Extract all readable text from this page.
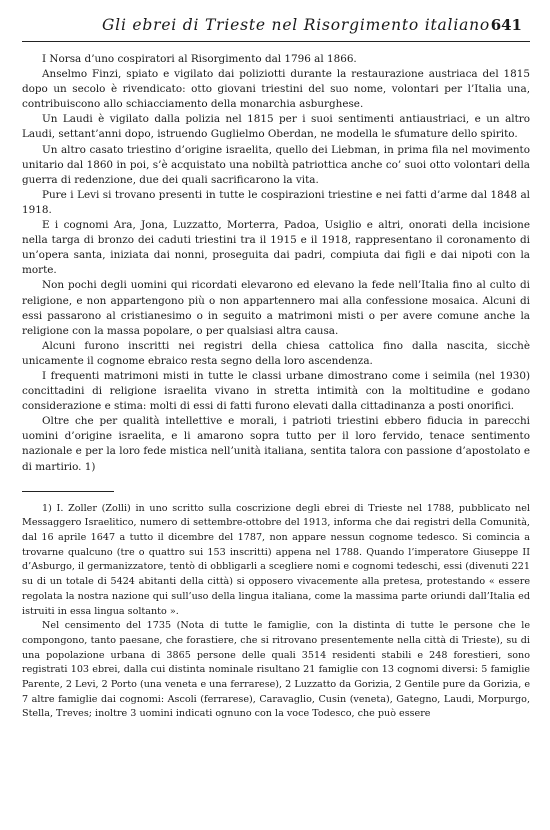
Gli ebrei di Trieste nel Risorgimento italiano 641

I Norsa d’uno cospiratori al Risorgimento dal 1796 al 1866.

Anselmo Finzi, spiato e vigilato dai poliziotti durante la restaurazione austriaca del 1815 dopo un secolo è rivendicato: otto giovani triestini del suo nome, volontari per l’Italia una, contribuiscono allo schiacciamento della monarchia asburghese.

Un Laudi è vigilato dalla polizia nel 1815 per i suoi sentimenti antiaustriaci, e un altro Laudi, settant’anni dopo, istruendo Guglielmo Oberdan, ne modella le sfumature dello spirito.

Un altro casato triestino d’origine israelita, quello dei Liebman, in prima fila nel movimento unitario dal 1860 in poi, s’è acquistato una nobiltà patriottica anche co’ suoi otto volontari della guerra di redenzione, due dei quali sacrificarono la vita.

Pure i Levi si trovano presenti in tutte le cospirazioni triestine e nei fatti d’arme dal 1848 al 1918.

E i cognomi Ara, Jona, Luzzatto, Morterra, Padoa, Usiglio e altri, onorati della incisione nella targa di bronzo dei caduti triestini tra il 1915 e il 1918, rappresentano il coronamento di un’opera santa, iniziata dai nonni, proseguita dai padri, compiuta dai figli e dai nipoti con la morte.

Non pochi degli uomini qui ricordati elevarono ed elevano la fede nell’Italia fino al culto di religione, e non appartengono più o non appartennero mai alla confessione mosaica. Alcuni di essi passarono al cristianesimo o in seguito a matrimoni misti o per avere comune anche la religione con la massa popolare, o per qualsiasi altra causa.

Alcuni furono inscritti nei registri della chiesa cattolica fino dalla nascita, sicchè unicamente il cognome ebraico resta segno della loro ascendenza.

I frequenti matrimoni misti in tutte le classi urbane dimostrano come i seimila (nel 1930) concittadini di religione israelita vivano in stretta intimità con la moltitudine e godano considerazione e stima: molti di essi di fatti furono elevati dalla cittadinanza a posti onorifici.

Oltre che per qualità intellettive e morali, i patrioti triestini ebbero fiducia in parecchi uomini d’origine israelita, e li amarono sopra tutto per il loro fervido, tenace sentimento nazionale e per la loro fede mistica nell’unità italiana, sentita talora con passione d’apostolato e di martirio. 1)

1) I. Zoller (Zolli) in uno scritto sulla coscrizione degli ebrei di Trieste nel 1788, pubblicato nel Messaggero Israelitico, numero di settembre-ottobre del 1913, informa che dai registri della Comunità, dal 16 aprile 1647 a tutto il dicembre del 1787, non appare nessun cognome tedesco. Si comincia a trovarne qualcuno (tre o quattro sui 153 inscritti) appena nel 1788. Quando l’imperatore Giuseppe II d’Asburgo, il germanizzatore, tentò di obbligarli a scegliere nomi e cognomi tedeschi, essi (divenuti 221 su di un totale di 5424 abitanti della città) si opposero vivacemente alla pretesa, protestando « essere regolata la nostra nazione qui sull’uso della lingua italiana, come la massima parte oriundi dall’Italia ed istruiti in essa lingua soltanto ».

Nel censimento del 1735 (Nota di tutte le famiglie, con la distinta di tutte le persone che le compongono, tanto paesane, che forastiere, che si ritrovano presentemente nella città di Trieste), su di una popolazione urbana di 3865 persone delle quali 3514 residenti stabili e 248 forestieri, sono registrati 103 ebrei, dalla cui distinta nominale risultano 21 famiglie con 13 cognomi diversi: 5 famiglie Parente, 2 Levi, 2 Porto (una veneta e una ferrarese), 2 Luzzatto da Gorizia, 2 Gentile pure da Gorizia, e 7 altre famiglie dai cognomi: Ascoli (ferrarese), Caravaglio, Cusin (veneta), Gategno, Laudi, Morpurgo, Stella, Treves; inoltre 3 uomini indicati ognuno con la voce Todesco, che può essere
